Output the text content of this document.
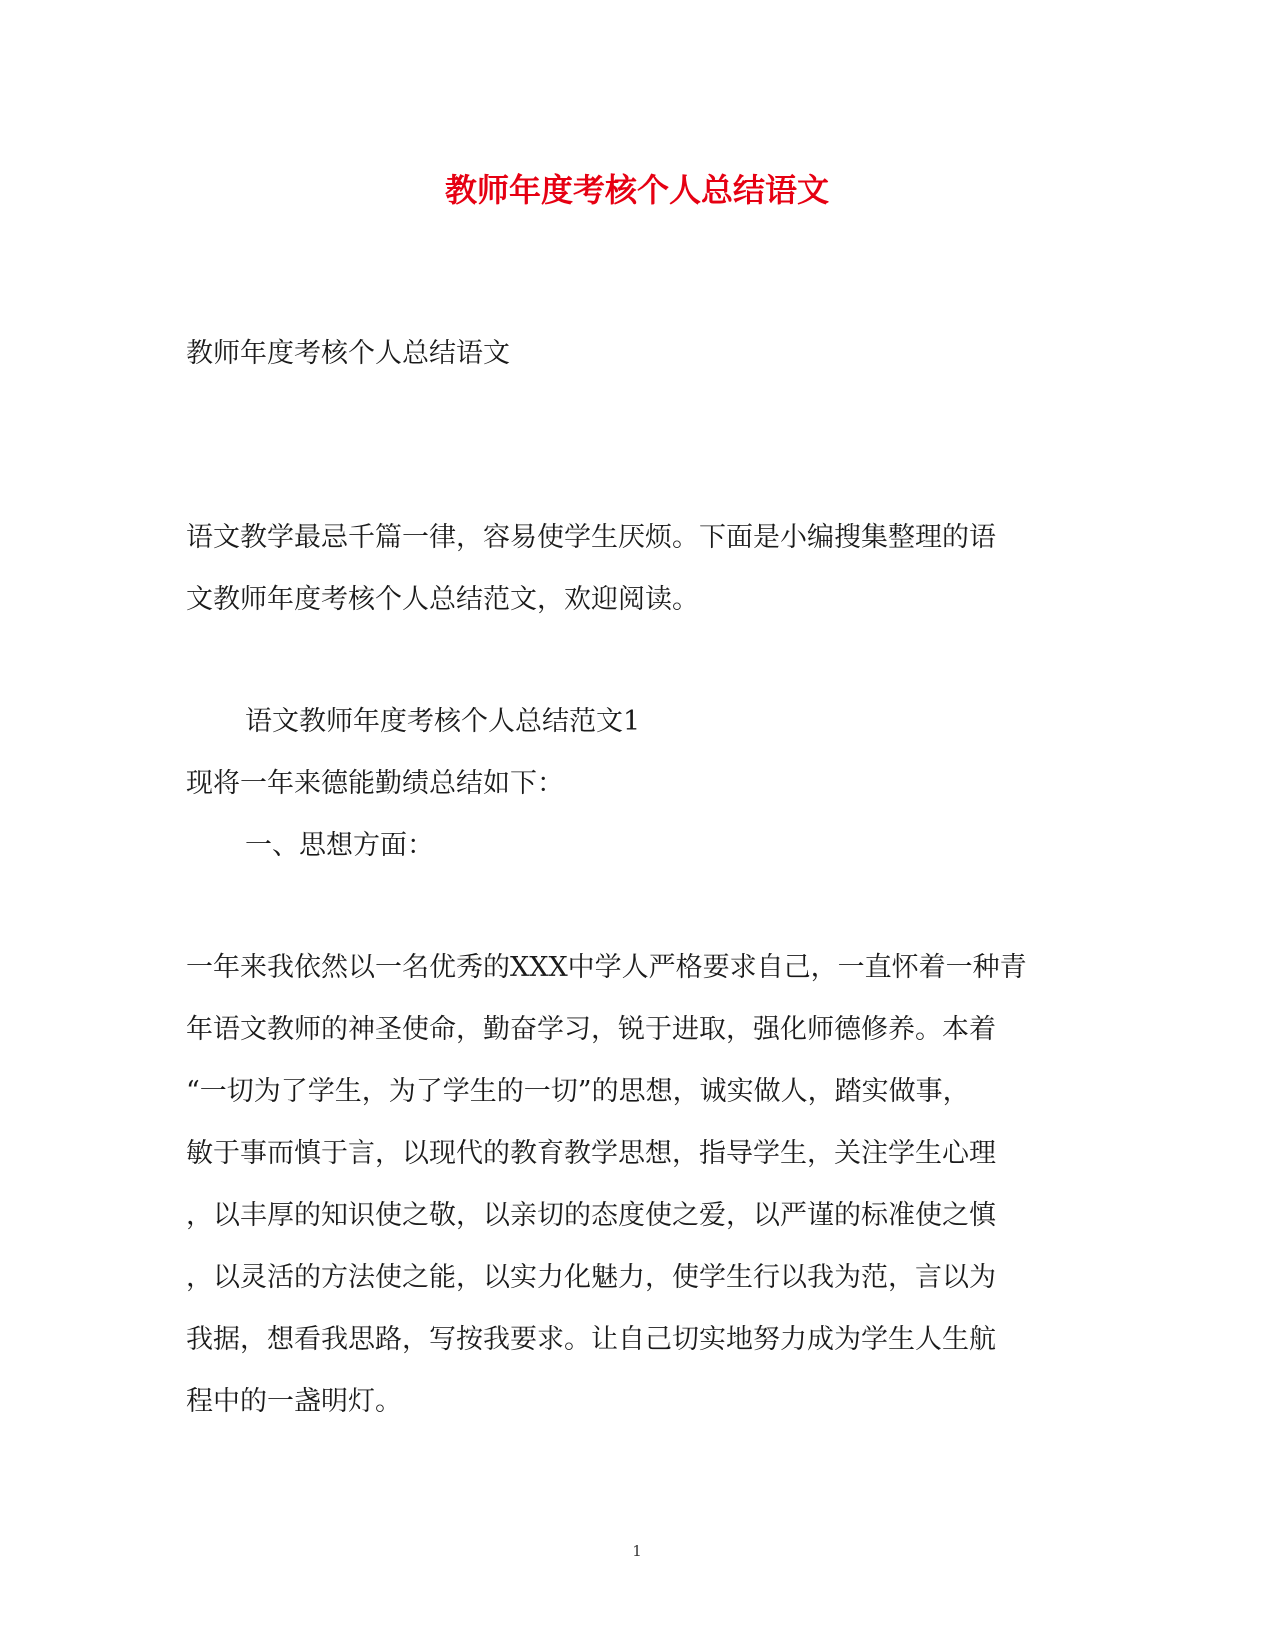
教师年度考核个人总结语文

教师年度考核个人总结语文

语文教学最忌千篇一律，容易使学生厌烦。下面是小编搜集整理的语

文教师年度考核个人总结范文，欢迎阅读。

语文教师年度考核个人总结范文1

现将一年来德能勤绩总结如下：

一、思想方面：

一年来我依然以一名优秀的XXX中学人严格要求自己，一直怀着一种青

年语文教师的神圣使命，勤奋学习，锐于进取，强化师德修养。本着

“一切为了学生，为了学生的一切”的思想，诚实做人，踏实做事，

敏于事而慎于言，以现代的教育教学思想，指导学生，关注学生心理

，以丰厚的知识使之敬，以亲切的态度使之爱，以严谨的标准使之慎

，以灵活的方法使之能，以实力化魅力，使学生行以我为范，言以为

我据，想看我思路，写按我要求。让自己切实地努力成为学生人生航

程中的一盏明灯。

1
